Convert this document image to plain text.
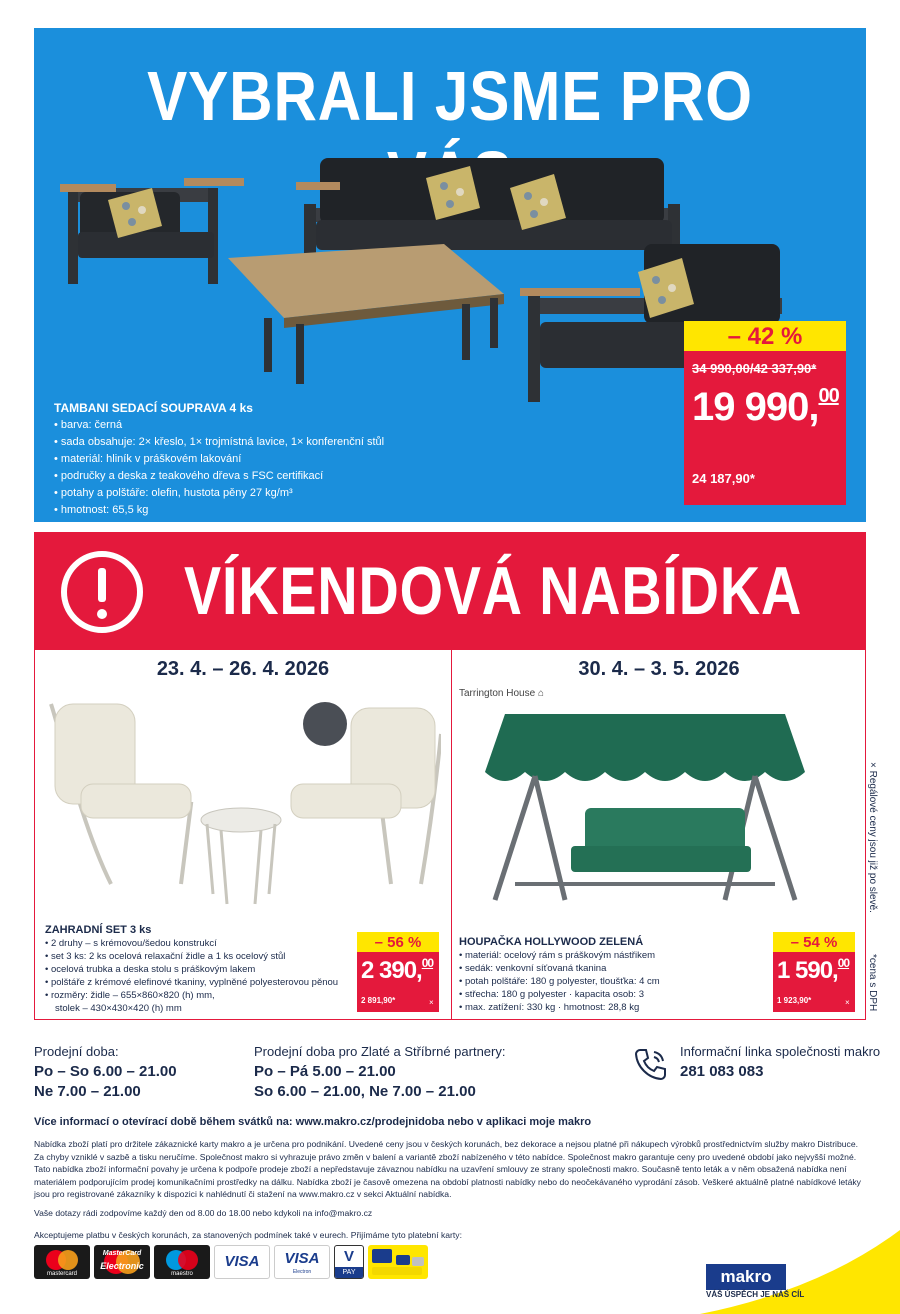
VYBRALI JSME PRO
TAMBANI SEDACÍ SOUPRAVA 4 ks
• barva: černá
• sada obsahuje: 2× křeslo, 1× trojmístná lavice, 1× konferenční stůl
• materiál: hliník v práškovém lakování
• područky a deska z teakového dřeva s FSC certifikací
• potahy a polštáře: olefin, hustota pěny 27 kg/m³
• hmotnost: 65,5 kg
– 42 %
34 990,00/42 337,90*
19 990,00
24 187,90*
VÍKENDOVÁ NABÍDKA
23. 4. – 26. 4. 2026	30. 4. – 3. 5. 2026
Tarrington House ⌂
ZAHRADNÍ SET 3 ks
• 2 druhy – s krémovou/šedou konstrukcí
• set 3 ks: 2 ks ocelová relaxační židle a 1 ks ocelový stůl
• ocelová trubka a deska stolu s práškovým lakem
• polštáře z krémové elefinové tkaniny, vyplněné polyesterovou pěnou
• rozměry: židle – 655×860×820 (h) mm,
stolek – 430×430×420 (h) mm
– 56 %
2 390,00
2 891,90*	×
HOUPAČKA HOLLYWOOD ZELENÁ
• materiál: ocelový rám s práškovým nástřikem
• sedák: venkovní síťovaná tkanina
• potah polštáře: 180 g polyester, tloušťka: 4 cm
• střecha: 180 g polyester · kapacita osob: 3
• max. zatížení: 330 kg · hmotnost: 28,8 kg
– 54 %
1 590,00
1 923,90*	×
× Regálové ceny jsou již po slevě.
*cena s DPH
Prodejní doba:
Po – So 6.00 – 21.00
Ne 7.00 – 21.00
Prodejní doba pro Zlaté a Stříbrné partnery:
Po – Pá 5.00 – 21.00
So 6.00 – 21.00, Ne 7.00 – 21.00
Informační linka společnosti makro
281 083 083
Více informací o otevírací době během svátků na: www.makro.cz/prodejnidoba nebo v aplikaci moje makro
Nabídka zboží platí pro držitele zákaznické karty makro a je určena pro podnikání. Uvedené ceny jsou v českých korunách, bez dekorace a nejsou platné při nákupech výrobků prostřednictvím služby makro Distribuce. Za chyby vzniklé v sazbě a tisku neručíme. Společnost makro si vyhrazuje právo změn v balení a variantě zboží nabízeného v této nabídce. Společnost makro garantuje ceny pro uvedené období jako nejvyšší možné. Tato nabídka zboží informační povahy je určena k podpoře prodeje zboží a nepředstavuje závaznou nabídku na uzavření smlouvy ze strany společnosti makro. Současně tento leták a v něm obsažená nabídka není materiálem podporujícím prodej komunikačními prostředky na dálku. Nabídka zboží je časově omezena na období platnosti nabídky nebo do neočekávaného vyprodání zásob. Veškeré aktuálně platné nabídkové letáky jsou pro registrované zákazníky k dispozici k nahlédnutí či stažení na www.makro.cz v sekci Aktuální nabídka.
Vaše dotazy rádi zodpovíme každý den od 8.00 do 18.00 nebo kdykoli na info@makro.cz
Akceptujeme platbu v českých korunách, za stanovených podmínek také v eurech. Přijímáme tyto platební karty:
mastercard
MasterCard
Electronic
maestro
VISA	VISA
Electron
V
PAY	makro
VÁŠ ÚSPĚCH JE NÁŠ CÍL
